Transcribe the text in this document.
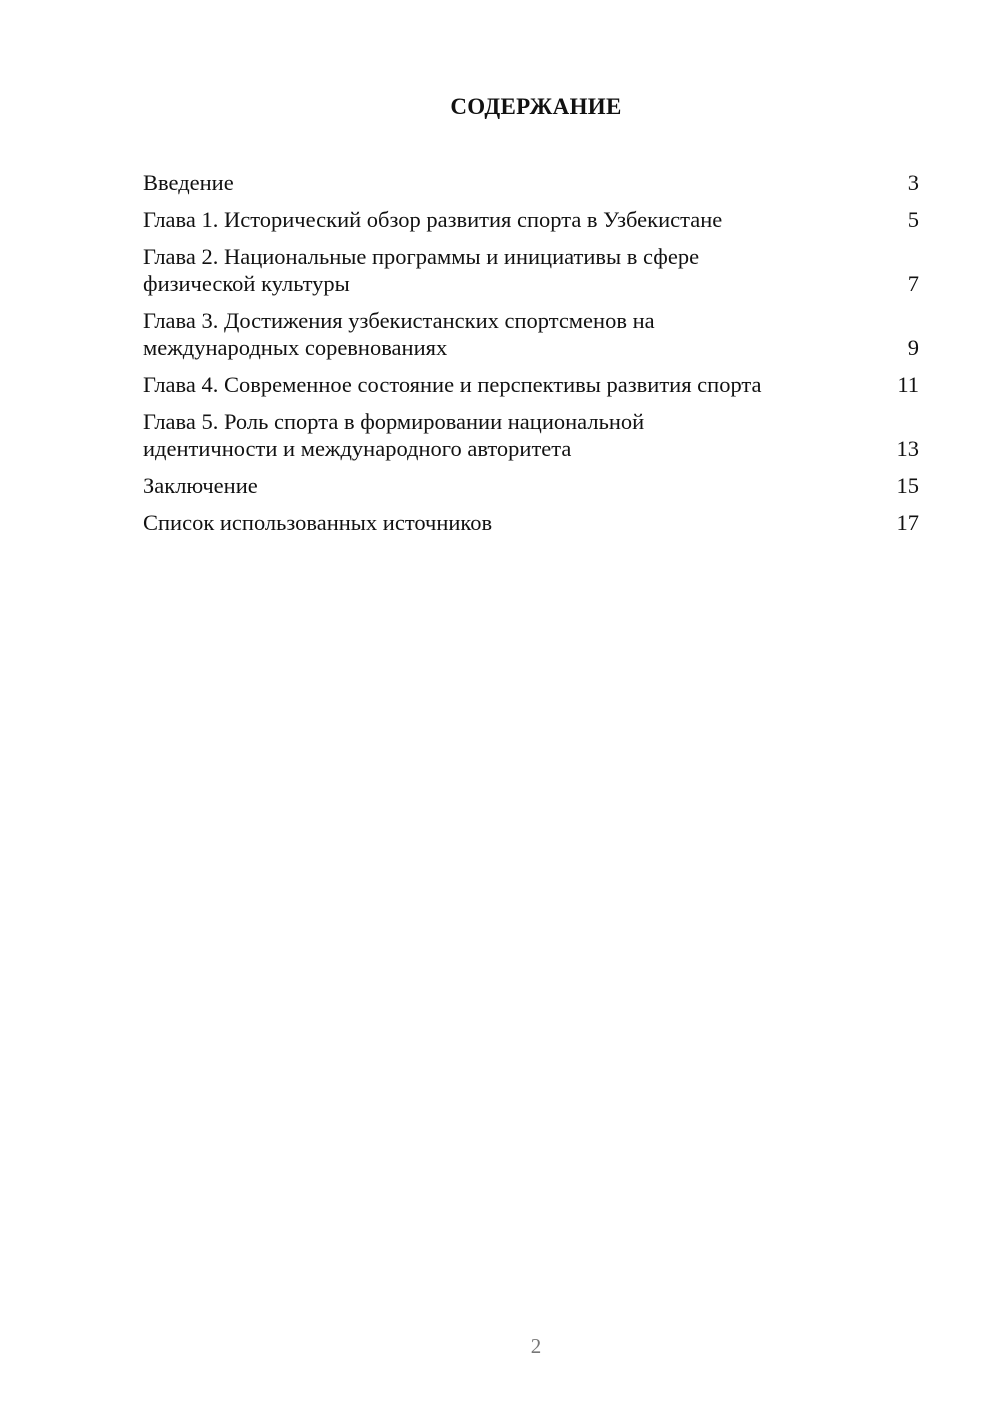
СОДЕРЖАНИЕ
Введение	3
Глава 1. Исторический обзор развития спорта в Узбекистане	5
Глава 2. Национальные программы и инициативы в сфере физической культуры	7
Глава 3. Достижения узбекистанских спортсменов на международных соревнованиях	9
Глава 4. Современное состояние и перспективы развития спорта	11
Глава 5. Роль спорта в формировании национальной идентичности и международного авторитета	13
Заключение	15
Список использованных источников	17
2
